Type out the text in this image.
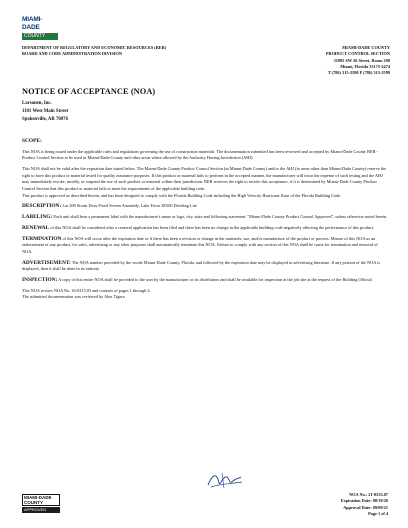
MIAMI-DADE
COUNTY
DEPARTMENT OF REGULATORY AND ECONOMIC RESOURCES (RER)
BOARD AND CODE ADMINISTRATION DIVISION
MIAMI-DADE COUNTY
PRODUCT CONTROL SECTION
11805 SW 26 Street, Room 208
Miami, Florida 33175-2474
T (786) 315-2590 F (786) 315-2599
NOTICE OF ACCEPTANCE (NOA)
Larsonen, Inc.
1101 West Main Street
Spokenville, AR 70076

SCOPE:

This NOA is being issued under the applicable rules and regulations governing the use of construction materials. The documentation submitted has been reviewed and accepted by Miami-Dade County RER - Product Control Section to be used in Miami-Dade County and other areas where allowed by the Authority Having Jurisdiction (AHJ).

This NOA shall not be valid after the expiration date stated below. The Miami-Dade County Product Control Section (in Miami-Dade County) and/or the AHJ (in areas other than Miami-Dade County) reserve the right to have this product or material tested for quality assurance purposes. If this product or material fails to perform in the accepted manner, the manufacturer will incur the expense of such testing and the AHJ may immediately revoke, modify, or suspend the use of such product or material within their jurisdiction. RER reserves the right to revoke this acceptance, if it is determined by Miami-Dade County Product Control Section that this product or material fails to meet the requirements of the applicable building code.
This product is approved as described herein, and has been designed to comply with the Florida Building Code including the High Velocity Hurricane Zone of the Florida Building Code.

DESCRIPTION: Lar 200 Storm Door Fixed Screen Assembly, Lake Front 30X00 Dividing Lite

LABELING: Each unit shall bear a permanent label with the manufacturer's name or logo, city, state and following statement: "Miami-Dade County Product Control Approved", unless otherwise noted herein.

RENEWAL of this NOA shall be considered after a renewal application has been filed and there has been no change in the applicable building code negatively affecting the performance of this product.

TERMINATION of this NOA will occur after the expiration date or if there has been a revision or change in the materials, use, and/or manufacture of the product or process. Misuse of this NOA as an endorsement of any product, for sales, advertising or any other purposes shall automatically terminate this NOA. Failure to comply with any section of this NOA shall be cause for termination and removal of NOA.

ADVERTISEMENT: The NOA number preceded by the words Miami-Dade County, Florida, and followed by the expiration date may be displayed in advertising literature. If any portion of the NOA is displayed, then it shall be done in its entirety.

INSPECTION: A copy of this entire NOA shall be provided to the user by the manufacturer or its distributors and shall be available for inspection at the job site at the request of the Building Official.

This NOA revises NOA No. 16-0315.03 and consists of pages 1 through 4.
The submitted documentation was reviewed by Alex Tigera

MIAMI-DADE COUNTY
APPROVED
NOA No.: 21-0533.07
Expiration Date: 08/19/26
Approval Date: 09/09/21
Page 1 of 4
